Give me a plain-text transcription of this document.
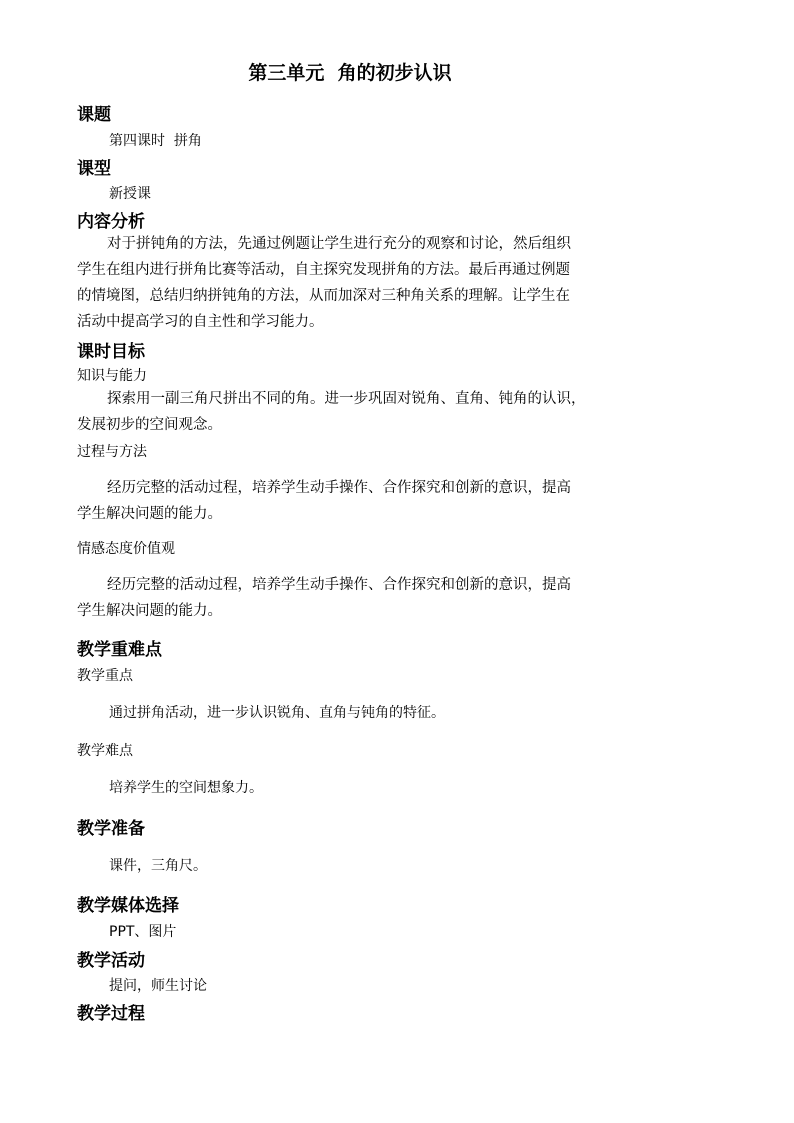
第三单元  角的初步认识
课题
第四课时  拼角
课型
新授课
内容分析
对于拼钝角的方法，先通过例题让学生进行充分的观察和讨论，然后组织
学生在组内进行拼角比赛等活动，自主探究发现拼角的方法。最后再通过例题
的情境图，总结归纳拼钝角的方法，从而加深对三种角关系的理解。让学生在
活动中提高学习的自主性和学习能力。
课时目标
知识与能力
探索用一副三角尺拼出不同的角。进一步巩固对锐角、直角、钝角的认识，
发展初步的空间观念。
过程与方法
经历完整的活动过程，培养学生动手操作、合作探究和创新的意识，提高
学生解决问题的能力。
情感态度价值观
经历完整的活动过程，培养学生动手操作、合作探究和创新的意识，提高
学生解决问题的能力。
教学重难点
教学重点
通过拼角活动，进一步认识锐角、直角与钝角的特征。
教学难点
培养学生的空间想象力。
教学准备
课件，三角尺。
教学媒体选择
PPT、图片
教学活动
提问，师生讨论
教学过程
